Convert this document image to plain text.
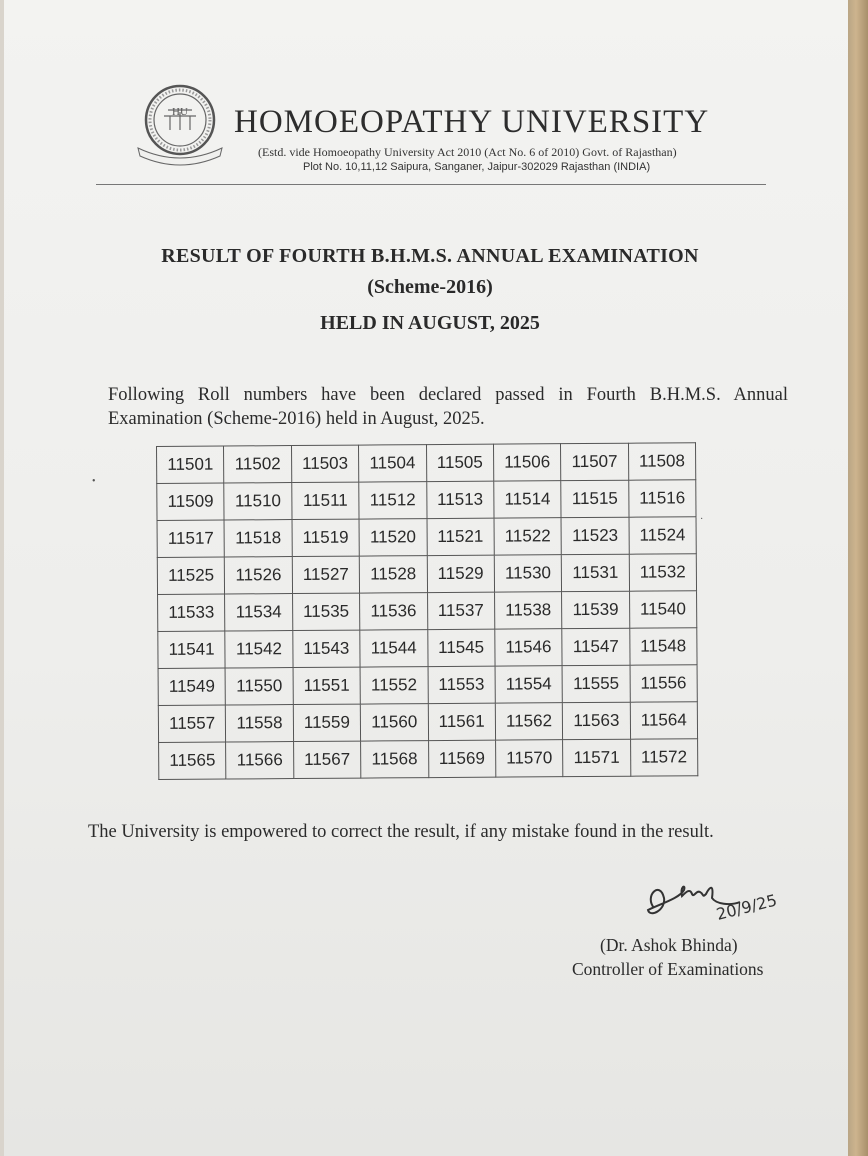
HU HOMOEOPATHY UNIVERSITY
(Estd. vide Homoeopathy University Act 2010 (Act No. 6 of 2010) Govt. of Rajasthan)
Plot No. 10,11,12 Saipura, Sanganer, Jaipur-302029 Rajasthan (INDIA)
RESULT OF FOURTH B.H.M.S. ANNUAL EXAMINATION
(Scheme-2016)
HELD IN AUGUST, 2025
Following Roll numbers have been declared passed in Fourth B.H.M.S. Annual Examination (Scheme-2016) held in August, 2025.
11501	11502	11503	11504	11505	11506	11507	11508
11509	11510	11511	11512	11513	11514	11515	11516
11517	11518	11519	11520	11521	11522	11523	11524
11525	11526	11527	11528	11529	11530	11531	11532
11533	11534	11535	11536	11537	11538	11539	11540
11541	11542	11543	11544	11545	11546	11547	11548
11549	11550	11551	11552	11553	11554	11555	11556
11557	11558	11559	11560	11561	11562	11563	11564
11565	11566	11567	11568	11569	11570	11571	11572
The University is empowered to correct the result, if any mistake found in the result.
20/9/25
(Dr. Ashok Bhinda)
Controller of Examinations
•
·
